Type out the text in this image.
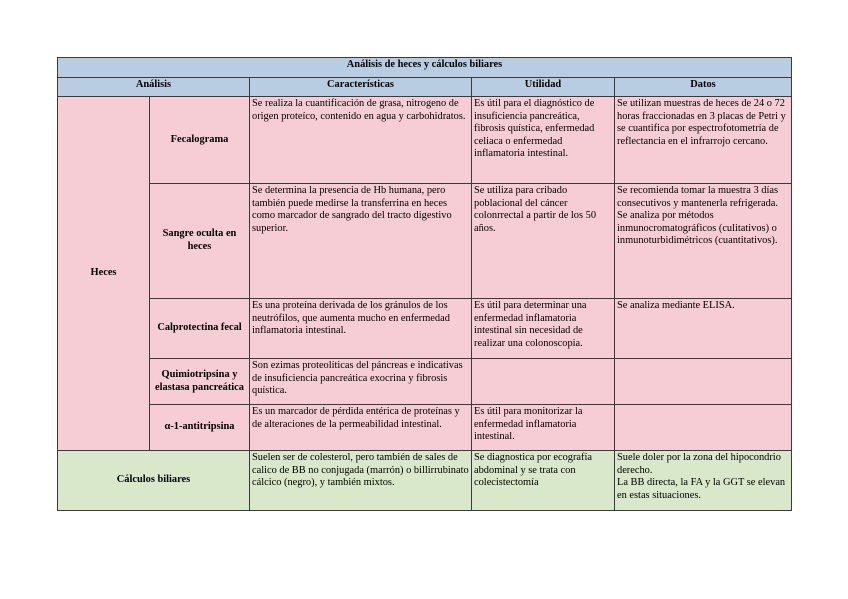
Análisis de heces y cálculos biliares				
Análisis		Características	Utilidad	Datos
Heces	Fecalograma	Se realiza la cuantificación de grasa, nitrogeno de origen proteíco, contenido en agua y carbohidratos.	Es útil para el diagnóstico de insuficiencia pancreática, fibrosis quística, enfermedad celiaca o enfermedad inflamatoria intestinal.	Se utilizan muestras de heces de 24 o 72 horas fraccionadas en 3 placas de Petri y se cuantifica por espectrofotometría de reflectancia en el infrarrojo cercano.
	Sangre oculta en heces	Se determina la presencia de Hb humana, pero también puede medirse la transferrina en heces como marcador de sangrado del tracto digestivo superior.	Se utiliza para cribado poblacional del cáncer colonrrectal a partir de los 50 años.	Se recomienda tomar la muestra 3 días consecutivos y mantenerla refrigerada.
Se analiza por métodos inmunocromatográficos (culitativos) o inmunoturbidimétricos (cuantitativos).
	Calprotectina fecal	Es una proteína derivada de los gránulos de los neutrófilos, que aumenta mucho en enfermedad inflamatoria intestinal.	Es útil para determinar una enfermedad inflamatoria intestinal sin necesidad de realizar una colonoscopia.	Se analiza mediante ELISA.
	Quimiotripsina y elastasa pancreática	Son ezimas proteolíticas del páncreas e indicativas de insuficiencia pancreática exocrina y fibrosis quística.		
	α-1-antitripsina	Es un marcador de pérdida entérica de proteínas y de alteraciones de la permeabilidad intestinal.	Es útil para monitorizar la enfermedad inflamatoria intestinal.	
Cálculos biliares		Suelen ser de colesterol, pero también de sales de calico de BB no conjugada (marrón) o billirrubinato cálcico (negro), y también mixtos.	Se diagnostica por ecografía abdominal y se trata con colecistectomía	Suele doler por la zona del hipocondrio derecho.
La BB directa, la FA y la GGT se elevan en estas situaciones.
